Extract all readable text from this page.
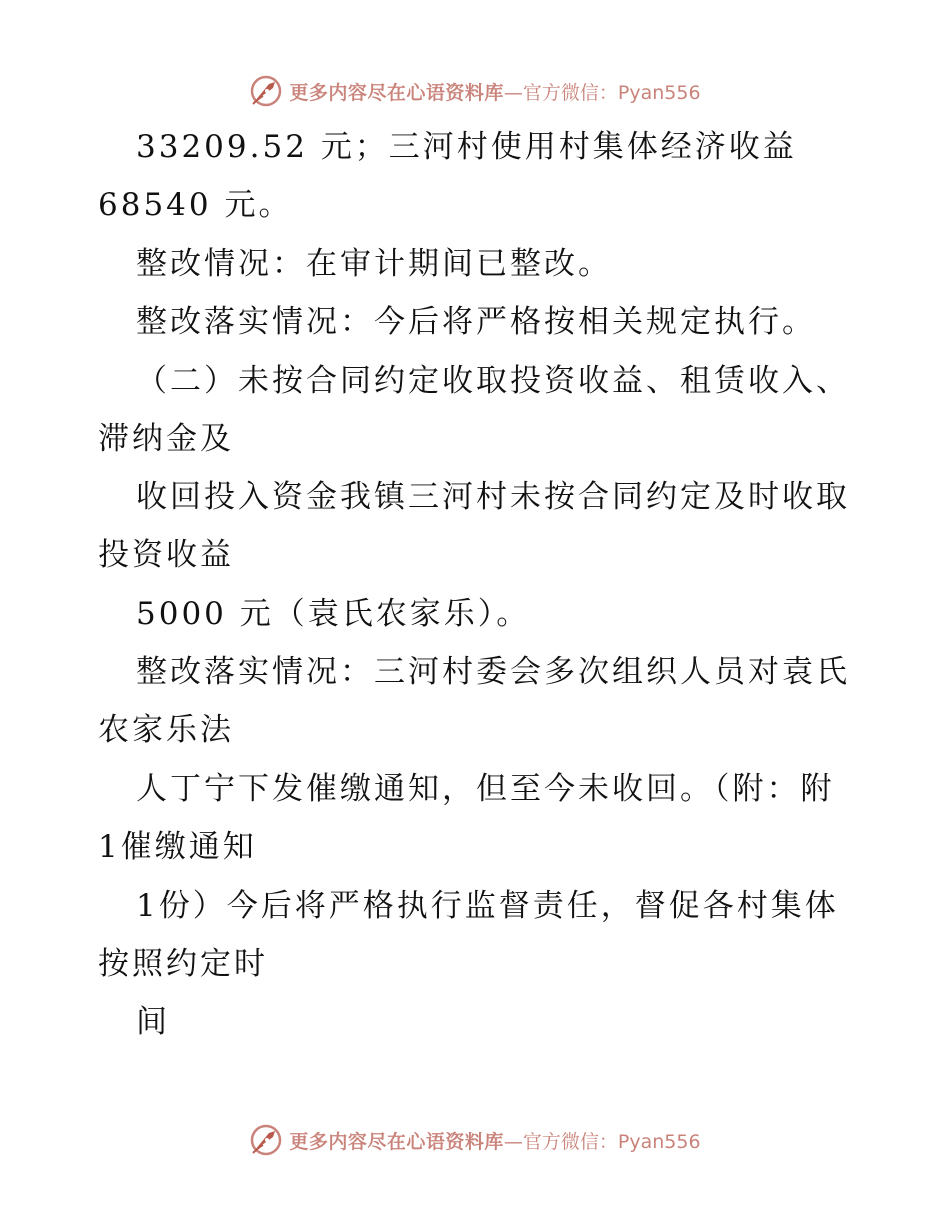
更多内容尽在心语资料库 —官方微信：Pyan556
33209.52 元；三河村使用村集体经济收益
68540 元。
整改情况：在审计期间已整改。
整改落实情况：今后将严格按相关规定执行。
（二）未按合同约定收取投资收益、租赁收入、
滞纳金及
收回投入资金我镇三河村未按合同约定及时收取
投资收益
5000 元（袁氏农家乐）。
整改落实情况：三河村委会多次组织人员对袁氏
农家乐法
人丁宁下发催缴通知，但至今未收回。（附：附
1催缴通知
1份）今后将严格执行监督责任，督促各村集体
按照约定时
间
更多内容尽在心语资料库 —官方微信：Pyan556
